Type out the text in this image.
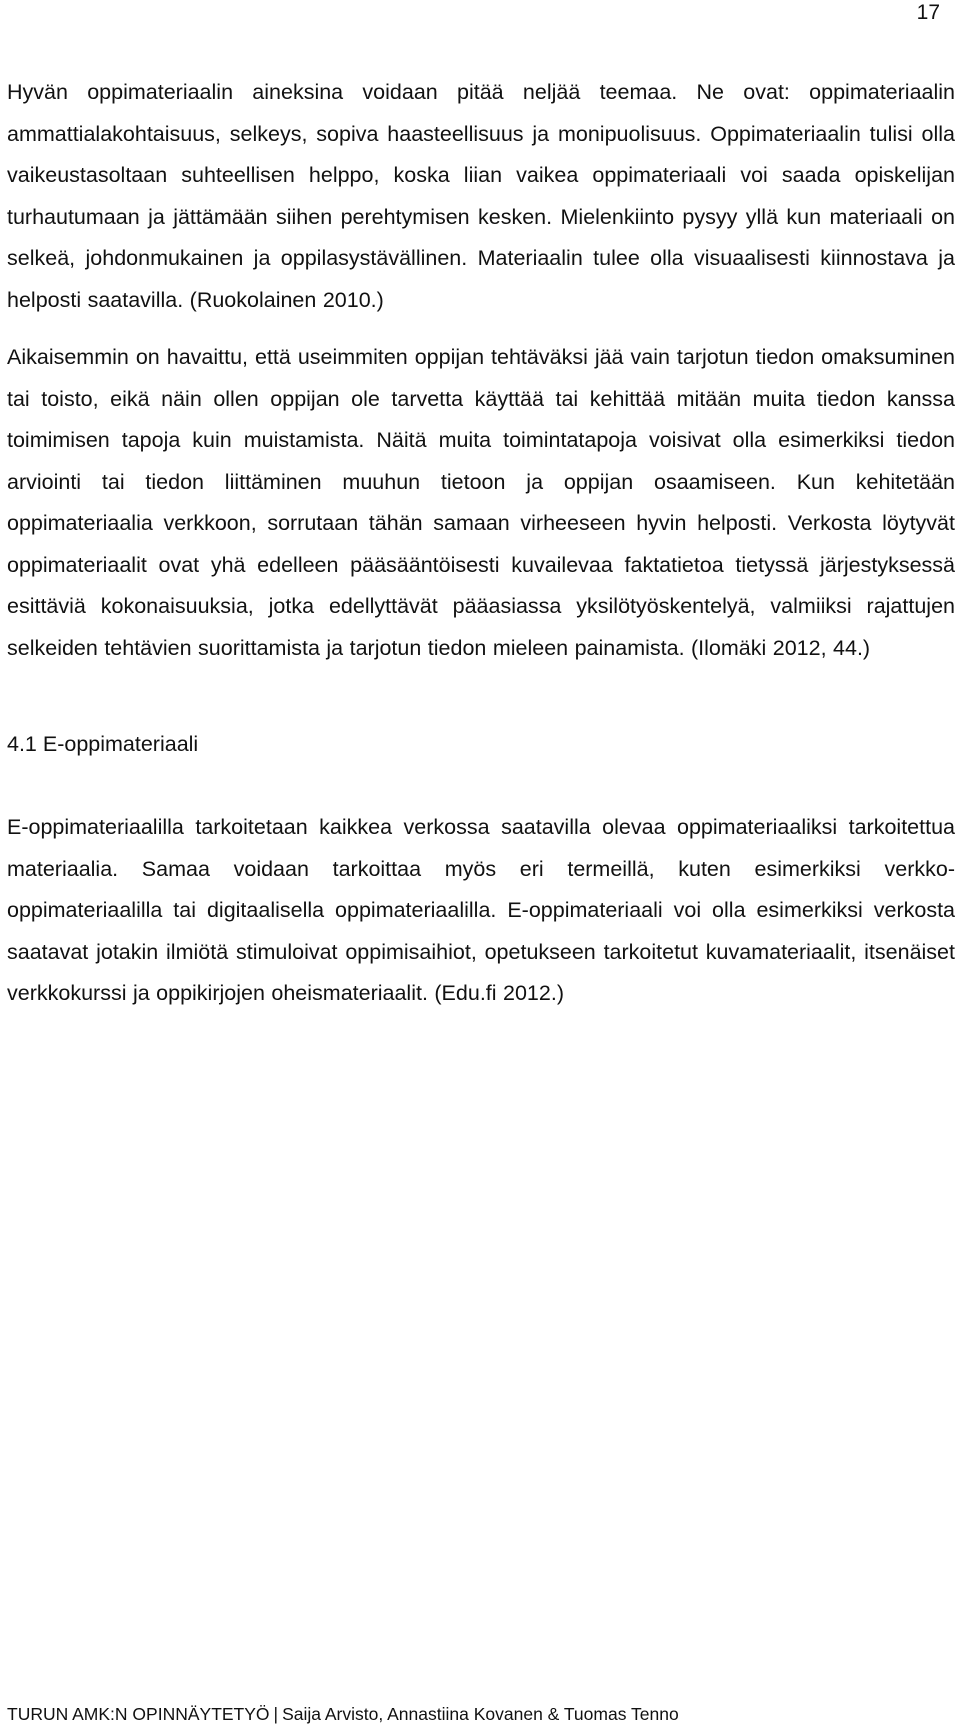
17

Hyvän oppimateriaalin aineksina voidaan pitää neljää teemaa. Ne ovat: oppimateriaalin ammattialakohtaisuus, selkeys, sopiva haasteellisuus ja monipuolisuus. Oppimateriaalin tulisi olla vaikeustasoltaan suhteellisen helppo, koska liian vaikea oppimateriaali voi saada opiskelijan turhautumaan ja jättämään siihen perehtymisen kesken. Mielenkiinto pysyy yllä kun materiaali on selkeä, johdonmukainen ja oppilasystävällinen. Materiaalin tulee olla visuaalisesti kiinnostava ja helposti saatavilla. (Ruokolainen 2010.)

Aikaisemmin on havaittu, että useimmiten oppijan tehtäväksi jää vain tarjotun tiedon omaksuminen tai toisto, eikä näin ollen oppijan ole tarvetta käyttää tai kehittää mitään muita tiedon kanssa toimimisen tapoja kuin muistamista. Näitä muita toimintatapoja voisivat olla esimerkiksi tiedon arviointi tai tiedon liittäminen muuhun tietoon ja oppijan osaamiseen. Kun kehitetään oppimateriaalia verkkoon, sorrutaan tähän samaan virheeseen hyvin helposti. Verkosta löytyvät oppimateriaalit ovat yhä edelleen pääsääntöisesti kuvailevaa faktatietoa tietyssä järjestyksessä esittäviä kokonaisuuksia, jotka edellyttävät pääasiassa yksilötyöskentelyä, valmiiksi rajattujen selkeiden tehtävien suorittamista ja tarjotun tiedon mieleen painamista. (Ilomäki 2012, 44.)

4.1 E-oppimateriaali

E-oppimateriaalilla tarkoitetaan kaikkea verkossa saatavilla olevaa oppimateriaaliksi tarkoitettua materiaalia. Samaa voidaan tarkoittaa myös eri termeillä, kuten esimerkiksi verkko-oppimateriaalilla tai digitaalisella oppimateriaalilla. E-oppimateriaali voi olla esimerkiksi verkosta saatavat jotakin ilmiötä stimuloivat oppimisaihiot, opetukseen tarkoitetut kuvamateriaalit, itsenäiset verkkokurssi ja oppikirjojen oheismateriaalit. (Edu.fi 2012.)

TURUN AMK:N OPINNÄYTETYÖ | Saija Arvisto, Annastiina Kovanen & Tuomas Tenno
